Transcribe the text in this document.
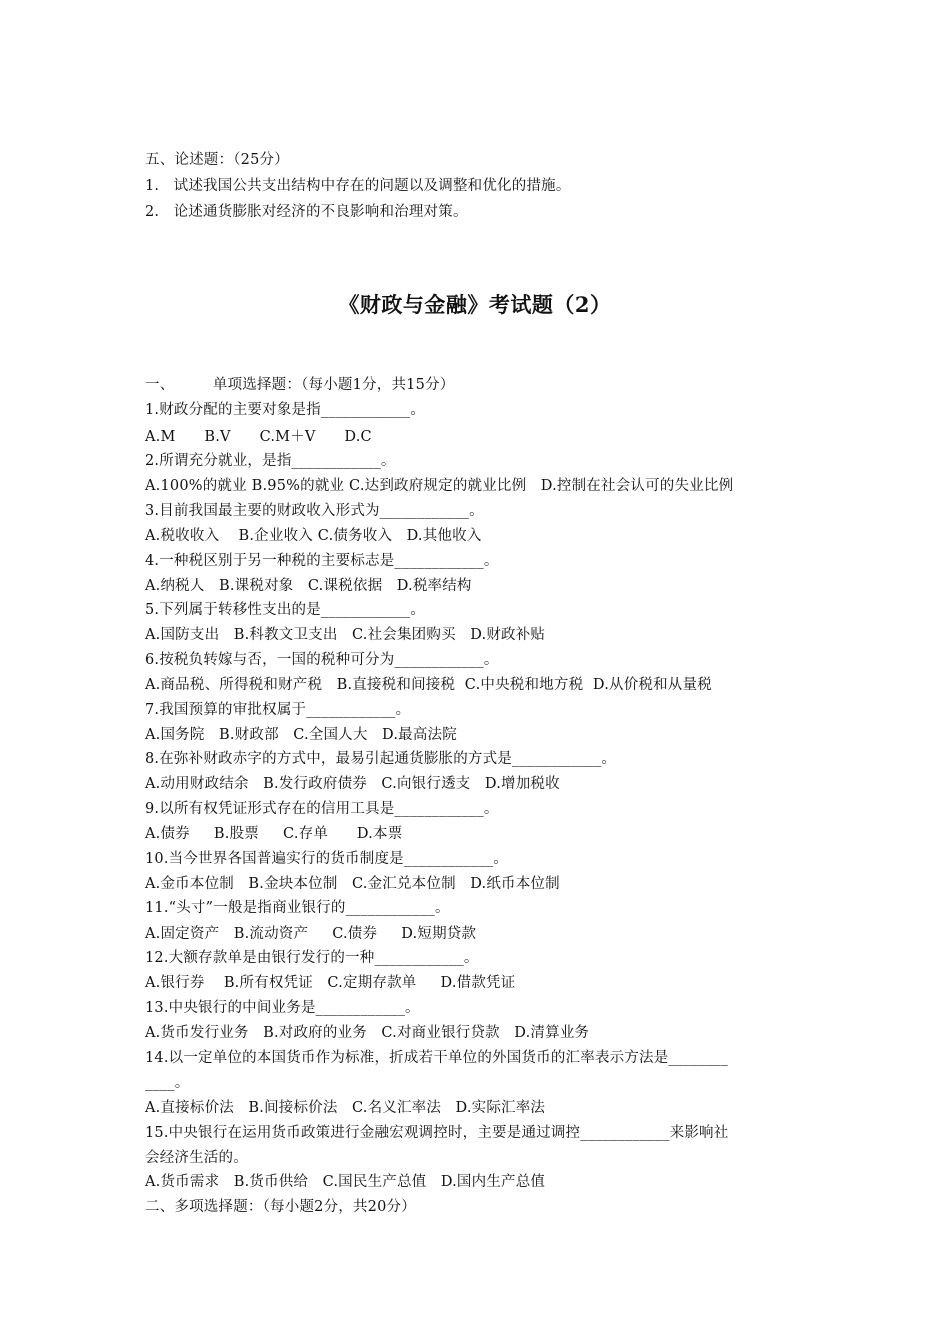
五、论述题：（25分）
1.   试述我国公共支出结构中存在的问题以及调整和优化的措施。
2.   论述通货膨胀对经济的不良影响和治理对策。
《财政与金融》考试题（2）
一、        单项选择题：（每小题1分，共15分）
1.财政分配的主要对象是指____________。
A.M      B.V      C.M＋V      D.C
2.所谓充分就业，是指____________。
A.100%的就业 B.95%的就业 C.达到政府规定的就业比例   D.控制在社会认可的失业比例
3.目前我国最主要的财政收入形式为____________。
A.税收收入    B.企业收入 C.债务收入   D.其他收入
4.一种税区别于另一种税的主要标志是____________。
A.纳税人   B.课税对象   C.课税依据   D.税率结构
5.下列属于转移性支出的是____________。
A.国防支出   B.科教文卫支出   C.社会集团购买   D.财政补贴
6.按税负转嫁与否，一国的税种可分为____________。
A.商品税、所得税和财产税   B.直接税和间接税  C.中央税和地方税  D.从价税和从量税
7.我国预算的审批权属于____________。
A.国务院   B.财政部   C.全国人大   D.最高法院
8.在弥补财政赤字的方式中，最易引起通货膨胀的方式是____________。
A.动用财政结余   B.发行政府债券   C.向银行透支   D.增加税收
9.以所有权凭证形式存在的信用工具是____________。
A.债券     B.股票     C.存单      D.本票
10.当今世界各国普遍实行的货币制度是____________。
A.金币本位制   B.金块本位制   C.金汇兑本位制   D.纸币本位制
11.“头寸”一般是指商业银行的____________。
A.固定资产   B.流动资产     C.债券     D.短期贷款
12.大额存款单是由银行发行的一种____________。
A.银行券    B.所有权凭证   C.定期存款单     D.借款凭证
13.中央银行的中间业务是____________。
A.货币发行业务   B.对政府的业务   C.对商业银行贷款   D.清算业务
14.以一定单位的本国货币作为标准，折成若干单位的外国货币的汇率表示方法是________
____。
A.直接标价法   B.间接标价法   C.名义汇率法   D.实际汇率法
15.中央银行在运用货币政策进行金融宏观调控时，主要是通过调控____________来影响社
会经济生活的。
A.货币需求   B.货币供给   C.国民生产总值   D.国内生产总值
二、多项选择题：（每小题2分，共20分）
